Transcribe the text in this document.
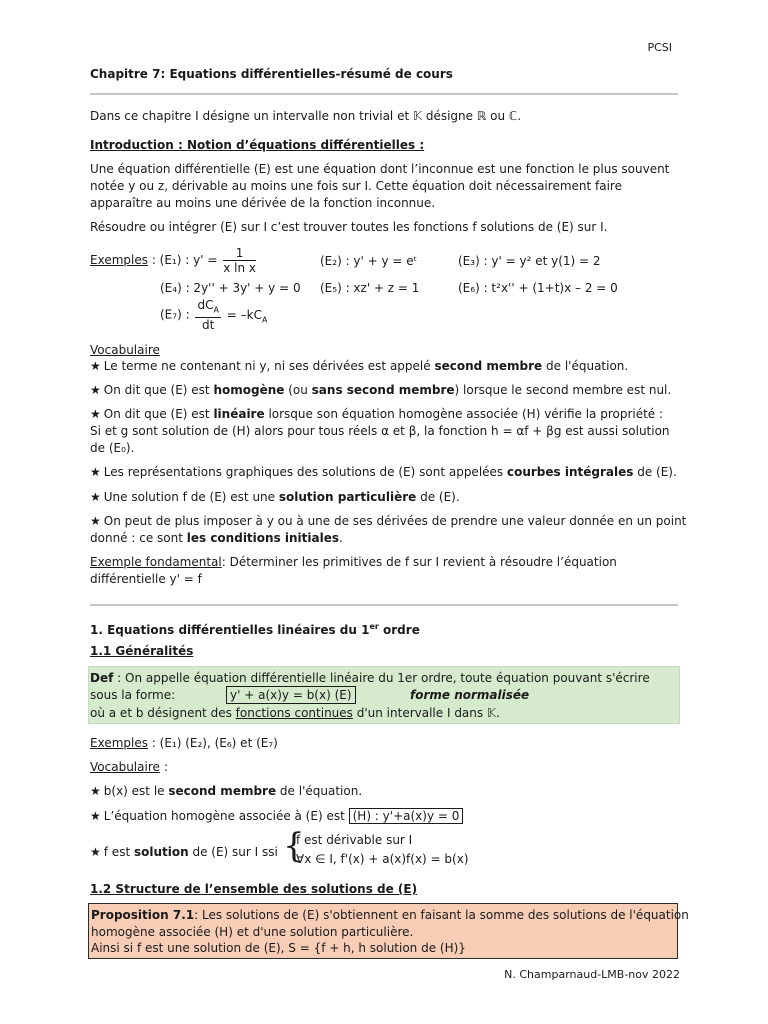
PCSI
Chapitre 7: Equations différentielles-résumé de cours
Dans ce chapitre I désigne un intervalle non trivial et 𝕂 désigne ℝ ou ℂ.
Introduction : Notion d’équations différentielles :
Une équation différentielle (E) est une équation dont l’inconnue est une fonction le plus souvent notée y ou z, dérivable au moins une fois sur I. Cette équation doit nécessairement faire apparaître au moins une dérivée de la fonction inconnue.
Résoudre ou intégrer (E) sur I c’est trouver toutes les fonctions f solutions de (E) sur I.
Exemples : (E₁) : $y' = \frac{1}{\text{x ln x}}$	(E₂) : y' + y = eᵗ	(E₃) : y' = y² et y(1) = 2
(E₄) : 2y'' + 3y' + y = 0 (E₅) : xz' + z = 1	(E₆) : t²x'' + (1+t)x – 2 = 0
(E₇) : $\frac{dC_A}{dt} = -kC_A$
Vocabulaire
★ Le terme ne contenant ni y, ni ses dérivées est appelé second membre de l'équation.
★ On dit que (E) est homogène (ou sans second membre) lorsque le second membre est nul.
★ On dit que (E) est linéaire lorsque son équation homogène associée (H) vérifie la propriété :
Si et g sont solution de (H) alors pour tous réels α et β, la fonction h = αf + βg est aussi solution
de (E₀).
★ Les représentations graphiques des solutions de (E) sont appelées courbes intégrales de (E).
★ Une solution f de (E) est une solution particulière de (E).
★ On peut de plus imposer à y ou à une de ses dérivées de prendre une valeur donnée en un point
donné : ce sont les conditions initiales.
Exemple fondamental: Déterminer les primitives de f sur I revient à résoudre l’équation
différentielle y' = f
1. Equations différentielles linéaires du 1er ordre
1.1 Généralités
Def : On appelle équation différentielle linéaire du 1er ordre, toute équation pouvant s'écrire
sous la forme:	y' + a(x)y = b(x) (E)	forme normalisée
où a et b désignent des fonctions continues d'un intervalle I dans 𝕂.
Exemples : (E₁) (E₂), (E₆) et (E₇)
Vocabulaire :
★ b(x) est le second membre de l'équation.
★ L’équation homogène associée à (E) est (H) : y'+a(x)y = 0
★ f est solution de (E) sur I ssi {
f est dérivable sur I
∀x ∈ I, f'(x) + a(x)f(x) = b(x)
1.2 Structure de l’ensemble des solutions de (E)
Proposition 7.1: Les solutions de (E) s'obtiennent en faisant la somme des solutions de l'équation
homogène associée (H) et d'une solution particulière.
Ainsi si f est une solution de (E), S = {f + h, h solution de (H)}
N. Champarnaud-LMB-nov 2022
